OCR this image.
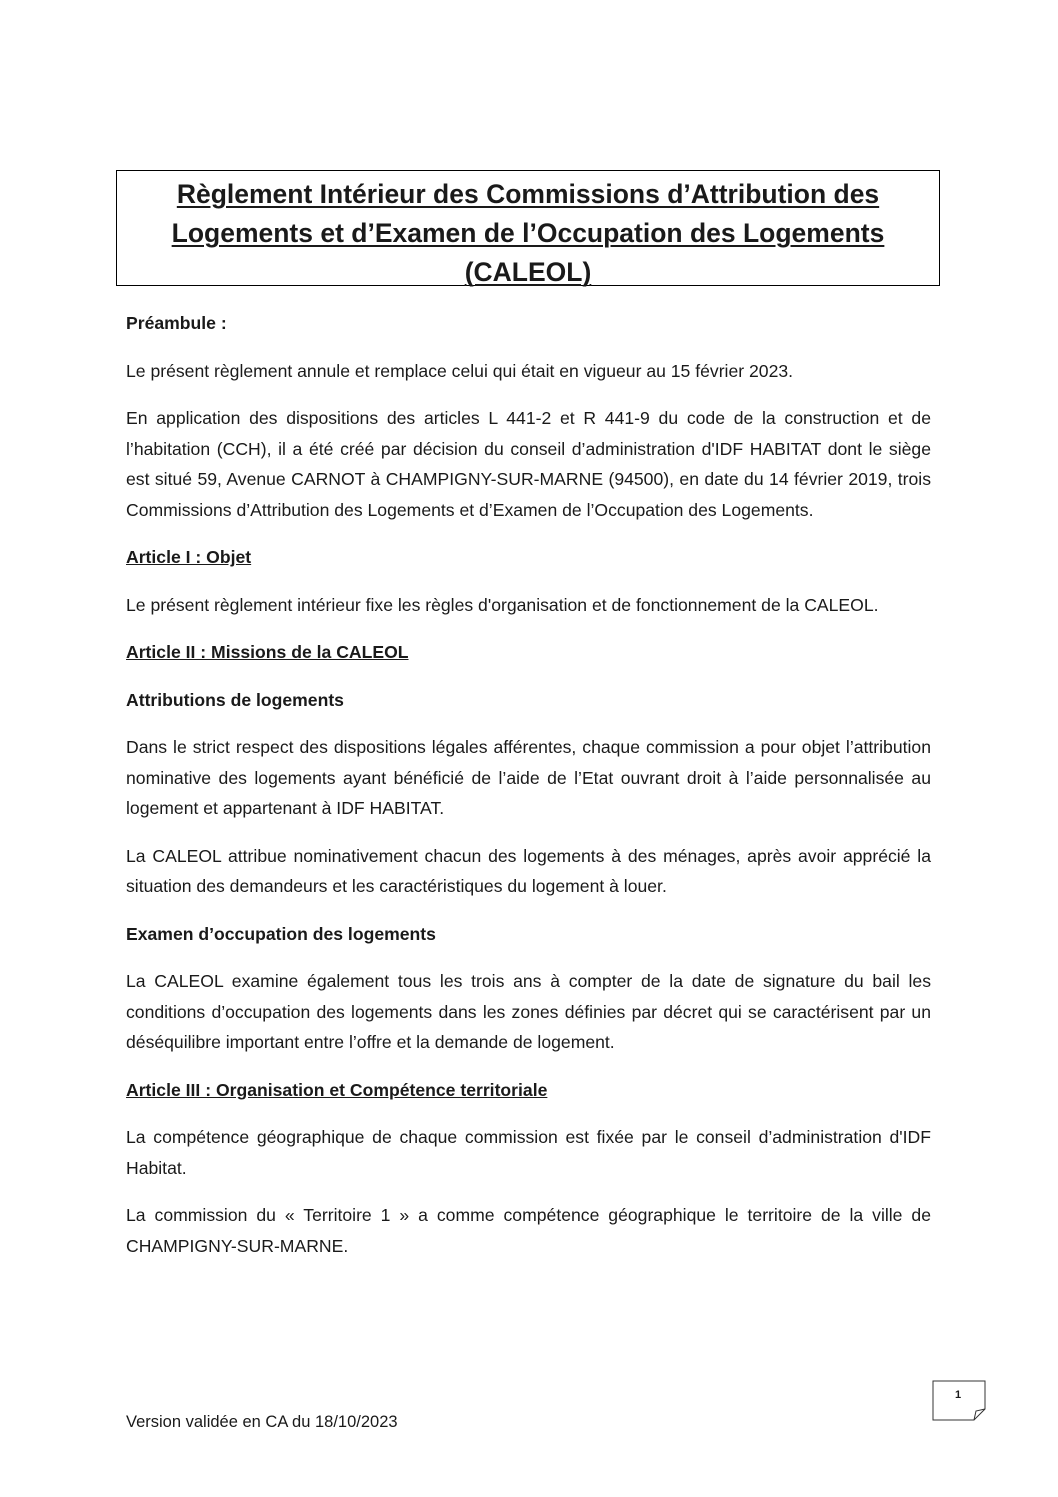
Règlement Intérieur des Commissions d’Attribution des
Logements et d’Examen de l’Occupation des Logements
(CALEOL)

Préambule :

Le présent règlement annule et remplace celui qui était en vigueur au 15 février 2023.

En application des dispositions des articles L 441-2 et R 441-9 du code de la construction et de l’habitation (CCH), il a été créé par décision du conseil d’administration d'IDF HABITAT dont le siège est situé 59, Avenue CARNOT à CHAMPIGNY-SUR-MARNE (94500), en date du 14 février 2019, trois Commissions d’Attribution des Logements et d’Examen de l’Occupation des Logements.

Article I : Objet

Le présent règlement intérieur fixe les règles d'organisation et de fonctionnement de la CALEOL.

Article II : Missions de la CALEOL

Attributions de logements

Dans le strict respect des dispositions légales afférentes, chaque commission a pour objet l’attribution nominative des logements ayant bénéficié de l’aide de l’Etat ouvrant droit à l’aide personnalisée au logement et appartenant à IDF HABITAT.

La CALEOL attribue nominativement chacun des logements à des ménages, après avoir apprécié la situation des demandeurs et les caractéristiques du logement à louer.

Examen d’occupation des logements

La CALEOL examine également tous les trois ans à compter de la date de signature du bail les conditions d’occupation des logements dans les zones définies par décret qui se caractérisent par un déséquilibre important entre l’offre et la demande de logement.

Article III : Organisation et Compétence territoriale

La compétence géographique de chaque commission est fixée par le conseil d’administration d'IDF Habitat.

La commission du « Territoire 1 » a comme compétence géographique le territoire de la ville de CHAMPIGNY-SUR-MARNE.

1
Version validée en CA du 18/10/2023
